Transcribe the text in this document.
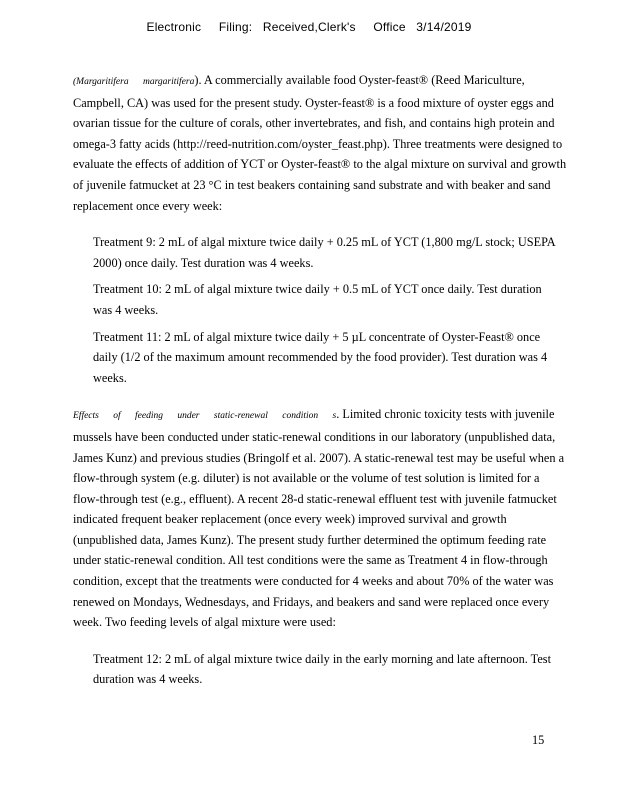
Electronic     Filing:   Received,Clerk's     Office   3/14/2019

(Margaritifera margaritifera). A commercially available food Oyster-feast® (Reed Mariculture, Campbell, CA) was used for the present study. Oyster-feast® is a food mixture of oyster eggs and ovarian tissue for the culture of corals, other invertebrates, and fish, and contains high protein and omega-3 fatty acids (http://reed-nutrition.com/oyster_feast.php). Three treatments were designed to evaluate the effects of addition of YCT or Oyster-feast® to the algal mixture on survival and growth of juvenile fatmucket at 23 °C in test beakers containing sand substrate and with beaker and sand replacement once every week:

Treatment 9: 2 mL of algal mixture twice daily + 0.25 mL of YCT (1,800 mg/L stock; USEPA 2000) once daily. Test duration was 4 weeks.

Treatment 10: 2 mL of algal mixture twice daily + 0.5 mL of YCT once daily. Test duration was 4 weeks.

Treatment 11: 2 mL of algal mixture twice daily + 5 µL concentrate of Oyster-Feast® once daily (1/2 of the maximum amount recommended by the food provider). Test duration was 4 weeks.

Effects of feeding under static-renewal condition s. Limited chronic toxicity tests with juvenile mussels have been conducted under static-renewal conditions in our laboratory (unpublished data, James Kunz) and previous studies (Bringolf et al. 2007). A static-renewal test may be useful when a flow-through system (e.g. diluter) is not available or the volume of test solution is limited for a flow-through test (e.g., effluent). A recent 28-d static-renewal effluent test with juvenile fatmucket indicated frequent beaker replacement (once every week) improved survival and growth (unpublished data, James Kunz). The present study further determined the optimum feeding rate under static-renewal condition. All test conditions were the same as Treatment 4 in flow-through condition, except that the treatments were conducted for 4 weeks and about 70% of the water was renewed on Mondays, Wednesdays, and Fridays, and beakers and sand were replaced once every week. Two feeding levels of algal mixture were used:

Treatment 12: 2 mL of algal mixture twice daily in the early morning and late afternoon. Test duration was 4 weeks.

15
